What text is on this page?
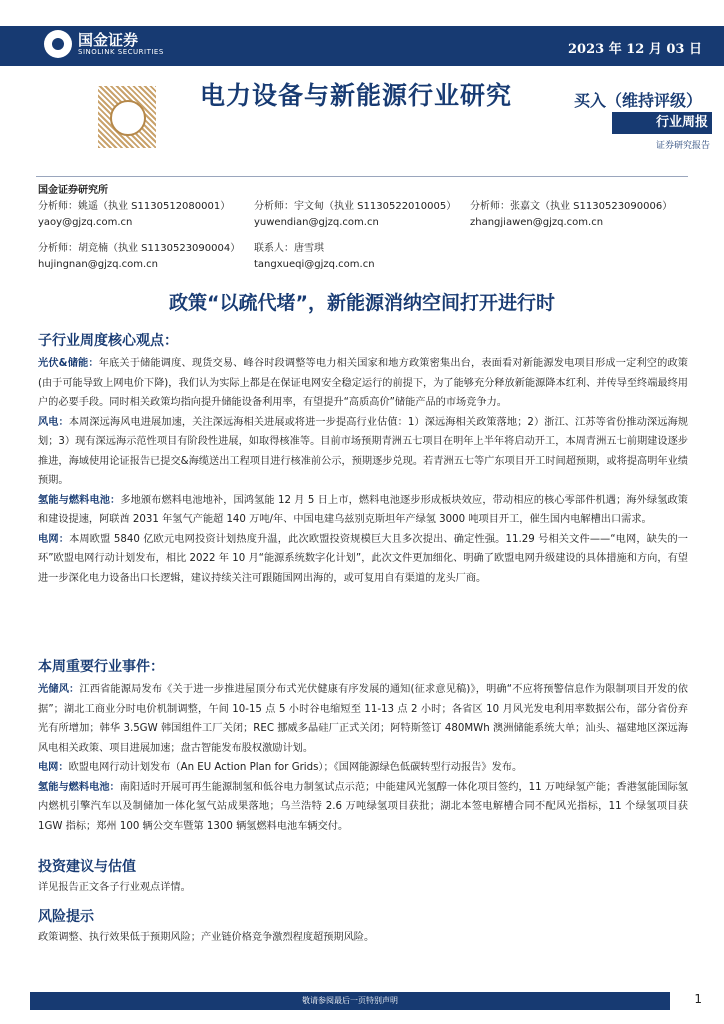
国金证券
SINOLINK SECURITIES	2023 年 12 月 03 日
电力设备与新能源行业研究	买入（维持评级）
行业周报
证券研究报告
国金证券研究所
分析师：姚遥（执业 S1130512080001）
yaoy@gjzq.com.cn
分析师：宇文甸（执业 S1130522010005）
yuwendian@gjzq.com.cn
分析师：张嘉文（执业 S1130523090006）
zhangjiawen@gjzq.com.cn
分析师：胡竞楠（执业 S1130523090004）
hujingnan@gjzq.com.cn
联系人：唐雪琪
tangxueqi@gjzq.com.cn
政策“以疏代堵”，新能源消纳空间打开进行时
子行业周度核心观点：

光伏&储能：年底关于储能调度、现货交易、峰谷时段调整等电力相关国家和地方政策密集出台，表面看对新能源发电项目形成一定利空的政策(由于可能导致上网电价下降)，我们认为实际上都是在保证电网安全稳定运行的前提下，为了能够充分释放新能源降本红利、并传导至终端最终用户的必要手段。同时相关政策均指向提升储能设备利用率，有望提升“高质高价”储能产品的市场竞争力。

风电：本周深远海风电进展加速，关注深远海相关进展或将进一步提高行业估值：1）深远海相关政策落地；2）浙江、江苏等省份推动深远海规划；3）现有深远海示范性项目有阶段性进展，如取得核准等。目前市场预期青洲五七项目在明年上半年将启动开工，本周青洲五七前期建设逐步推进，海域使用论证报告已提交&海缆送出工程项目进行核准前公示，预期逐步兑现。若青洲五七等广东项目开工时间超预期，或将提高明年业绩预期。

氢能与燃料电池：多地颁布燃料电池地补，国鸿氢能 12 月 5 日上市，燃料电池逐步形成板块效应，带动相应的核心零部件机遇；海外绿氢政策和建设提速，阿联酋 2031 年氢气产能超 140 万吨/年、中国电建乌兹别克斯坦年产绿氢 3000 吨项目开工，催生国内电解槽出口需求。

电网：本周欧盟 5840 亿欧元电网投资计划热度升温，此次欧盟投资规模巨大且多次提出、确定性强。11.29 号相关文件——“电网，缺失的一环”欧盟电网行动计划发布，相比 2022 年 10 月“能源系统数字化计划”，此次文件更加细化、明确了欧盟电网升级建设的具体措施和方向，有望进一步深化电力设备出口长逻辑，建议持续关注可跟随国网出海的，或可复用自有渠道的龙头厂商。

本周重要行业事件：

光储风：江西省能源局发布《关于进一步推进屋顶分布式光伏健康有序发展的通知(征求意见稿)》，明确“不应将预警信息作为限制项目开发的依据”；湖北工商业分时电价机制调整，午间 10-15 点 5 小时谷电缩短至 11-13 点 2 小时；各省区 10 月风光发电利用率数据公布，部分省份弃光有所增加；韩华 3.5GW 韩国组件工厂关闭；REC 挪威多晶硅厂正式关闭；阿特斯签订 480MWh 澳洲储能系统大单；汕头、福建地区深远海风电相关政策、项目进展加速；盘古智能发布股权激励计划。

电网：欧盟电网行动计划发布（An EU Action Plan for Grids）；《国网能源绿色低碳转型行动报告》发布。

氢能与燃料电池：南阳适时开展可再生能源制氢和低谷电力制氢试点示范；中能建风光氢醇一体化项目签约，11 万吨绿氢产能；香港氢能国际氢内燃机引擎汽车以及制储加一体化氢气站成果落地；乌兰浩特 2.6 万吨绿氢项目获批；湖北本签电解槽合同不配风光指标，11 个绿氢项目获 1GW 指标；郑州 100 辆公交车暨第 1300 辆氢燃料电池车辆交付。

投资建议与估值
详见报告正文各子行业观点详情。
风险提示
政策调整、执行效果低于预期风险；产业链价格竞争激烈程度超预期风险。
敬请参阅最后一页特别声明	1
